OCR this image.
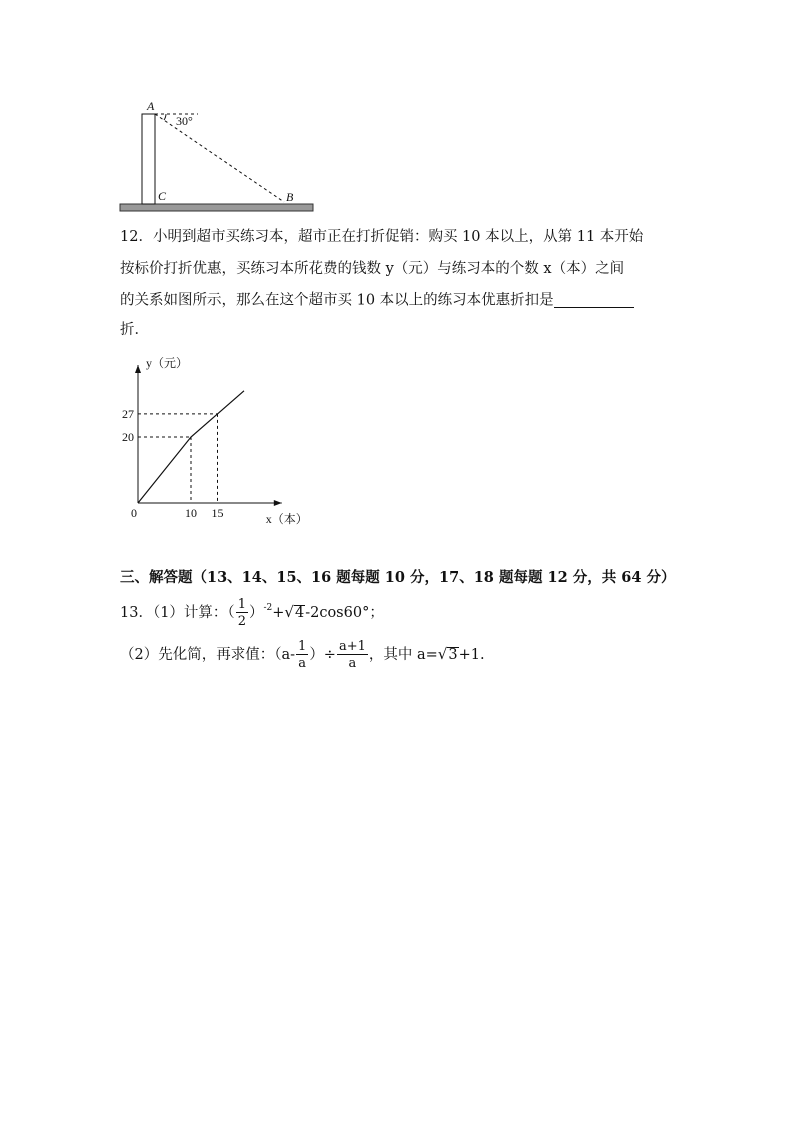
A
30°
C	B
12．小明到超市买练习本，超市正在打折促销：购买 10 本以上，从第 11 本开始
按标价打折优惠，买练习本所花费的钱数 y（元）与练习本的个数 x（本）之间
的关系如图所示，那么在这个超市买 10 本以上的练习本优惠折扣是
折．
0	10 15
20
27
x（本）
y（元）
三、解答题（13、14、15、16 题每题 10 分，17、18 题每题 12 分，共 64 分）
13．（1）计算：（ $\frac{1}{2} )^{-2}$ + √ 4 -2cos60°；
（2）先化简，再求值：（$a- \frac{1}{a}$ ）÷ $\frac{a+1}{a}$ ，其中 a= √ 3 +1.
